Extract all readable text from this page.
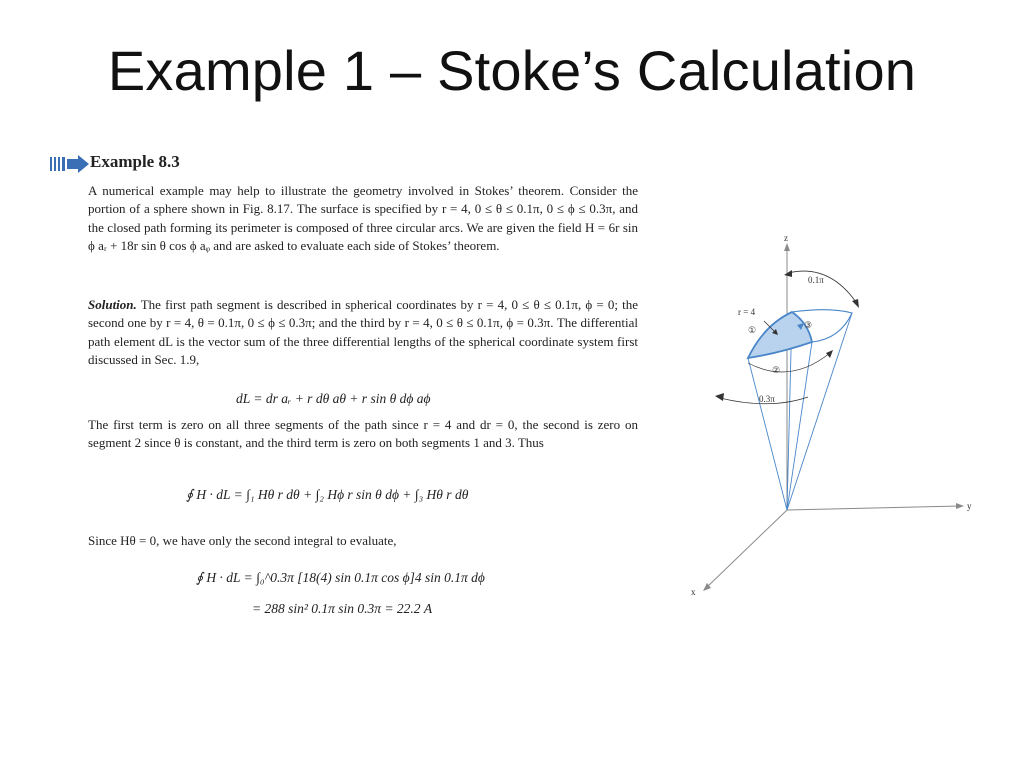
Example 1 – Stoke’s Calculation
Example 8.3
A numerical example may help to illustrate the geometry involved in Stokes’ theorem. Consider the portion of a sphere shown in Fig. 8.17. The surface is specified by r = 4, 0 ≤ θ ≤ 0.1π, 0 ≤ ϕ ≤ 0.3π, and the closed path forming its perimeter is composed of three circular arcs. We are given the field H = 6r sin ϕ aᵣ + 18r sin θ cos ϕ aᵩ and are asked to evaluate each side of Stokes’ theorem.
Solution. The first path segment is described in spherical coordinates by r = 4, 0 ≤ θ ≤ 0.1π, ϕ = 0; the second one by r = 4, θ = 0.1π, 0 ≤ ϕ ≤ 0.3π; and the third by r = 4, 0 ≤ θ ≤ 0.1π, ϕ = 0.3π. The differential path element dL is the vector sum of the three differential lengths of the spherical coordinate system first discussed in Sec. 1.9,
dL = dr aᵣ + r dθ aθ + r sin θ dϕ aϕ
The first term is zero on all three segments of the path since r = 4 and dr = 0, the second is zero on segment 2 since θ is constant, and the third term is zero on both segments 1 and 3. Thus
∮ H · dL = ∫₁ Hθ r dθ + ∫₂ Hϕ r sin θ dϕ + ∫₃ Hθ r dθ
Since Hθ = 0, we have only the second integral to evaluate,
∮ H · dL = ∫₀^0.3π [18(4) sin 0.1π cos ϕ]4 sin 0.1π dϕ
= 288 sin² 0.1π sin 0.3π = 22.2 A
z
y
x
0.1π
0.3π
r = 4
①
②
③
